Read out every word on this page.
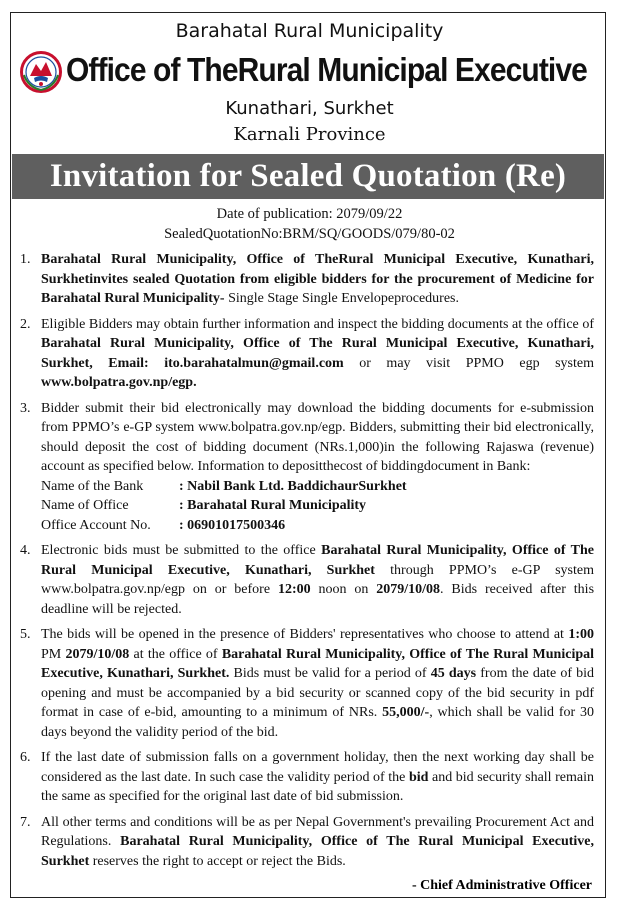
Barahatal Rural Municipality
Office of TheRural Municipal Executive
Kunathari, Surkhet
Karnali Province
Invitation for Sealed Quotation (Re)
Date of publication: 2079/09/22
SealedQuotationNo:BRM/SQ/GOODS/079/80-02
1. Barahatal Rural Municipality, Office of TheRural Municipal Executive, Kunathari, Surkhetinvites sealed Quotation from eligible bidders for the procurement of Medicine for Barahatal Rural Municipality- Single Stage Single Envelopeprocedures.
2. Eligible Bidders may obtain further information and inspect the bidding documents at the office of Barahatal Rural Municipality, Office of The Rural Municipal Executive, Kunathari, Surkhet, Email: ito.barahatalmun@gmail.com or may visit PPMO egp system www.bolpatra.gov.np/egp.
3. Bidder submit their bid electronically may download the bidding documents for e-submission from PPMO’s e-GP system www.bolpatra.gov.np/egp. Bidders, submitting their bid electronically, should deposit the cost of bidding document (NRs.1,000)in the following Rajaswa (revenue) account as specified below. Information to depositthecost of biddingdocument in Bank:
Name of the Bank	: Nabil Bank Ltd. BaddichaurSurkhet
Name of Office	: Barahatal Rural Municipality
Office Account No.	: 06901017500346
4. Electronic bids must be submitted to the office Barahatal Rural Municipality, Office of The Rural Municipal Executive, Kunathari, Surkhet through PPMO’s e-GP system www.bolpatra.gov.np/egp on or before 12:00 noon on 2079/10/08. Bids received after this deadline will be rejected.
5. The bids will be opened in the presence of Bidders' representatives who choose to attend at 1:00 PM 2079/10/08 at the office of Barahatal Rural Municipality, Office of The Rural Municipal Executive, Kunathari, Surkhet. Bids must be valid for a period of 45 days from the date of bid opening and must be accompanied by a bid security or scanned copy of the bid security in pdf format in case of e-bid, amounting to a minimum of NRs. 55,000/-, which shall be valid for 30 days beyond the validity period of the bid.
6. If the last date of submission falls on a government holiday, then the next working day shall be considered as the last date. In such case the validity period of the bid and bid security shall remain the same as specified for the original last date of bid submission.
7. All other terms and conditions will be as per Nepal Government's prevailing Procurement Act and Regulations. Barahatal Rural Municipality, Office of The Rural Municipal Executive, Surkhet reserves the right to accept or reject the Bids.
- Chief Administrative Officer
